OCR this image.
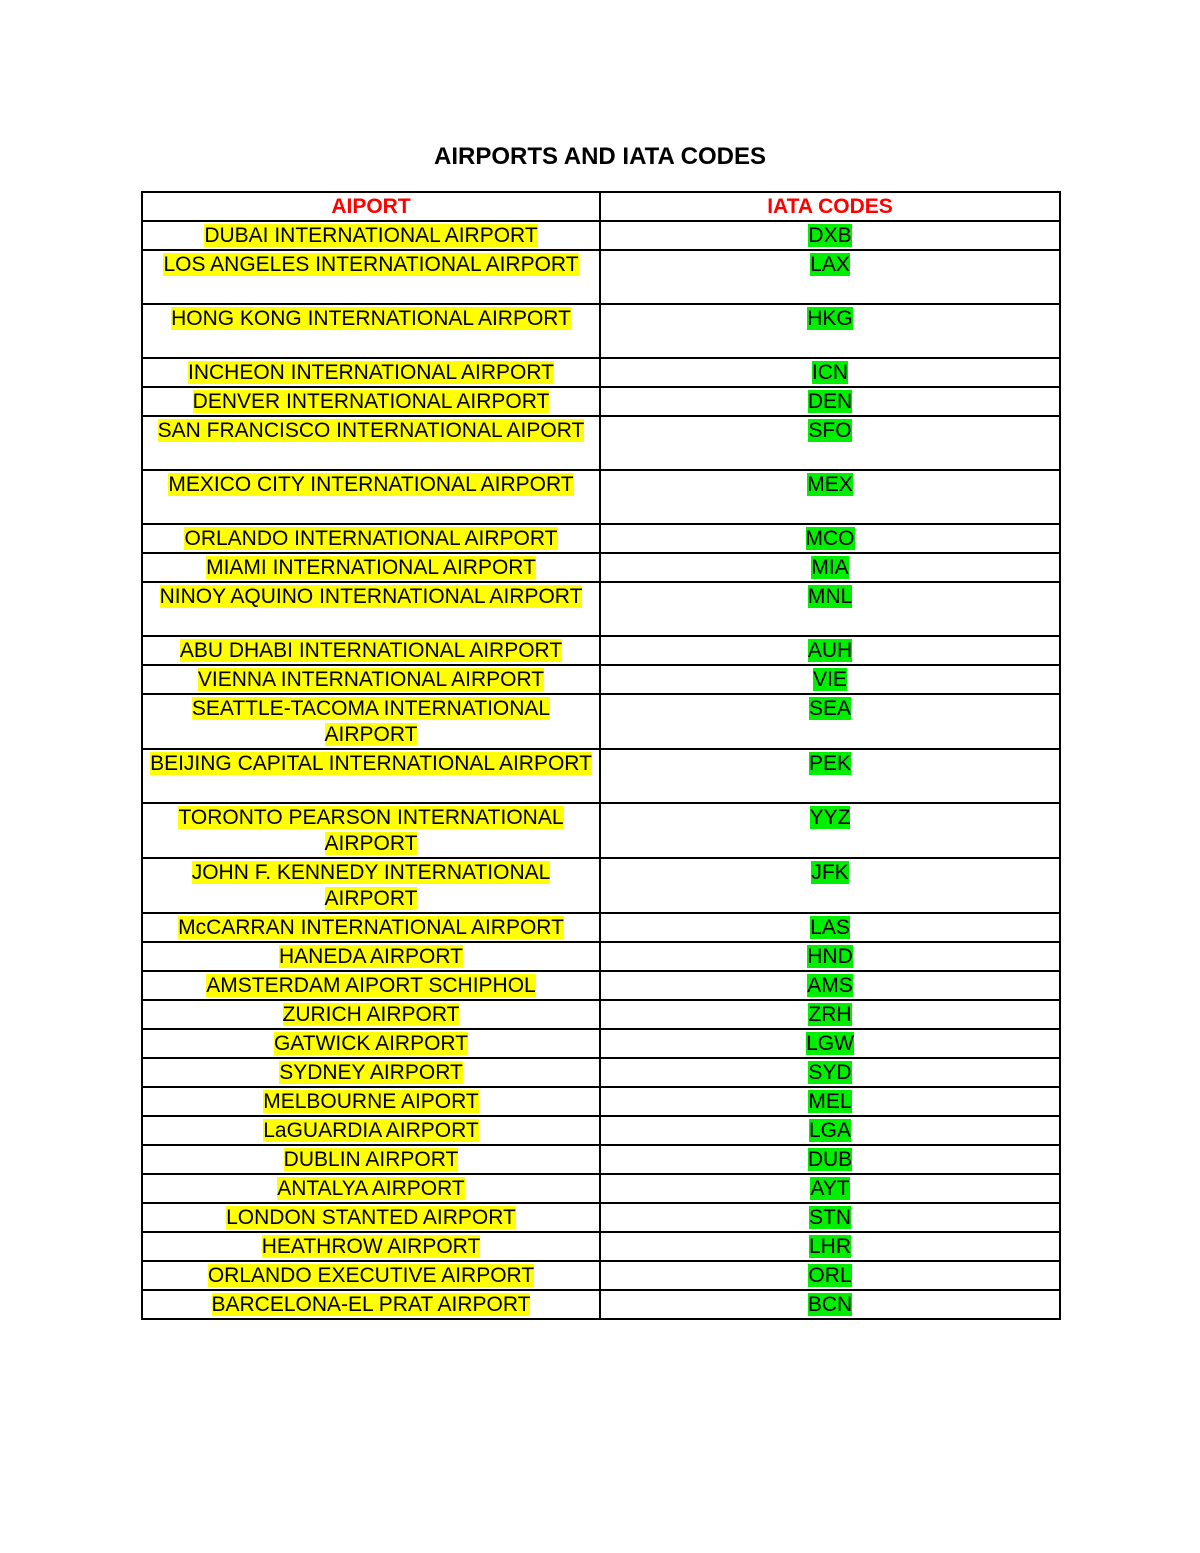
AIRPORTS AND IATA CODES
AIPORT	IATA CODES
DUBAI INTERNATIONAL AIRPORT	DXB
LOS ANGELES INTERNATIONAL AIRPORT	LAX
HONG KONG INTERNATIONAL AIRPORT	HKG
INCHEON INTERNATIONAL AIRPORT	ICN
DENVER INTERNATIONAL AIRPORT	DEN
SAN FRANCISCO INTERNATIONAL AIPORT	SFO
MEXICO CITY INTERNATIONAL AIRPORT	MEX
ORLANDO INTERNATIONAL AIRPORT	MCO
MIAMI INTERNATIONAL AIRPORT	MIA
NINOY AQUINO INTERNATIONAL AIRPORT	MNL
ABU DHABI INTERNATIONAL AIRPORT	AUH
VIENNA INTERNATIONAL AIRPORT	VIE
SEATTLE-TACOMA INTERNATIONAL AIRPORT	SEA
BEIJING CAPITAL INTERNATIONAL AIRPORT	PEK
TORONTO PEARSON INTERNATIONAL AIRPORT	YYZ
JOHN F. KENNEDY INTERNATIONAL AIRPORT	JFK
McCARRAN INTERNATIONAL AIRPORT	LAS
HANEDA AIRPORT	HND
AMSTERDAM AIPORT SCHIPHOL	AMS
ZURICH AIRPORT	ZRH
GATWICK AIRPORT	LGW
SYDNEY AIRPORT	SYD
MELBOURNE AIPORT	MEL
LaGUARDIA AIRPORT	LGA
DUBLIN AIRPORT	DUB
ANTALYA AIRPORT	AYT
LONDON STANTED AIRPORT	STN
HEATHROW AIRPORT	LHR
ORLANDO EXECUTIVE AIRPORT	ORL
BARCELONA-EL PRAT AIRPORT	BCN
